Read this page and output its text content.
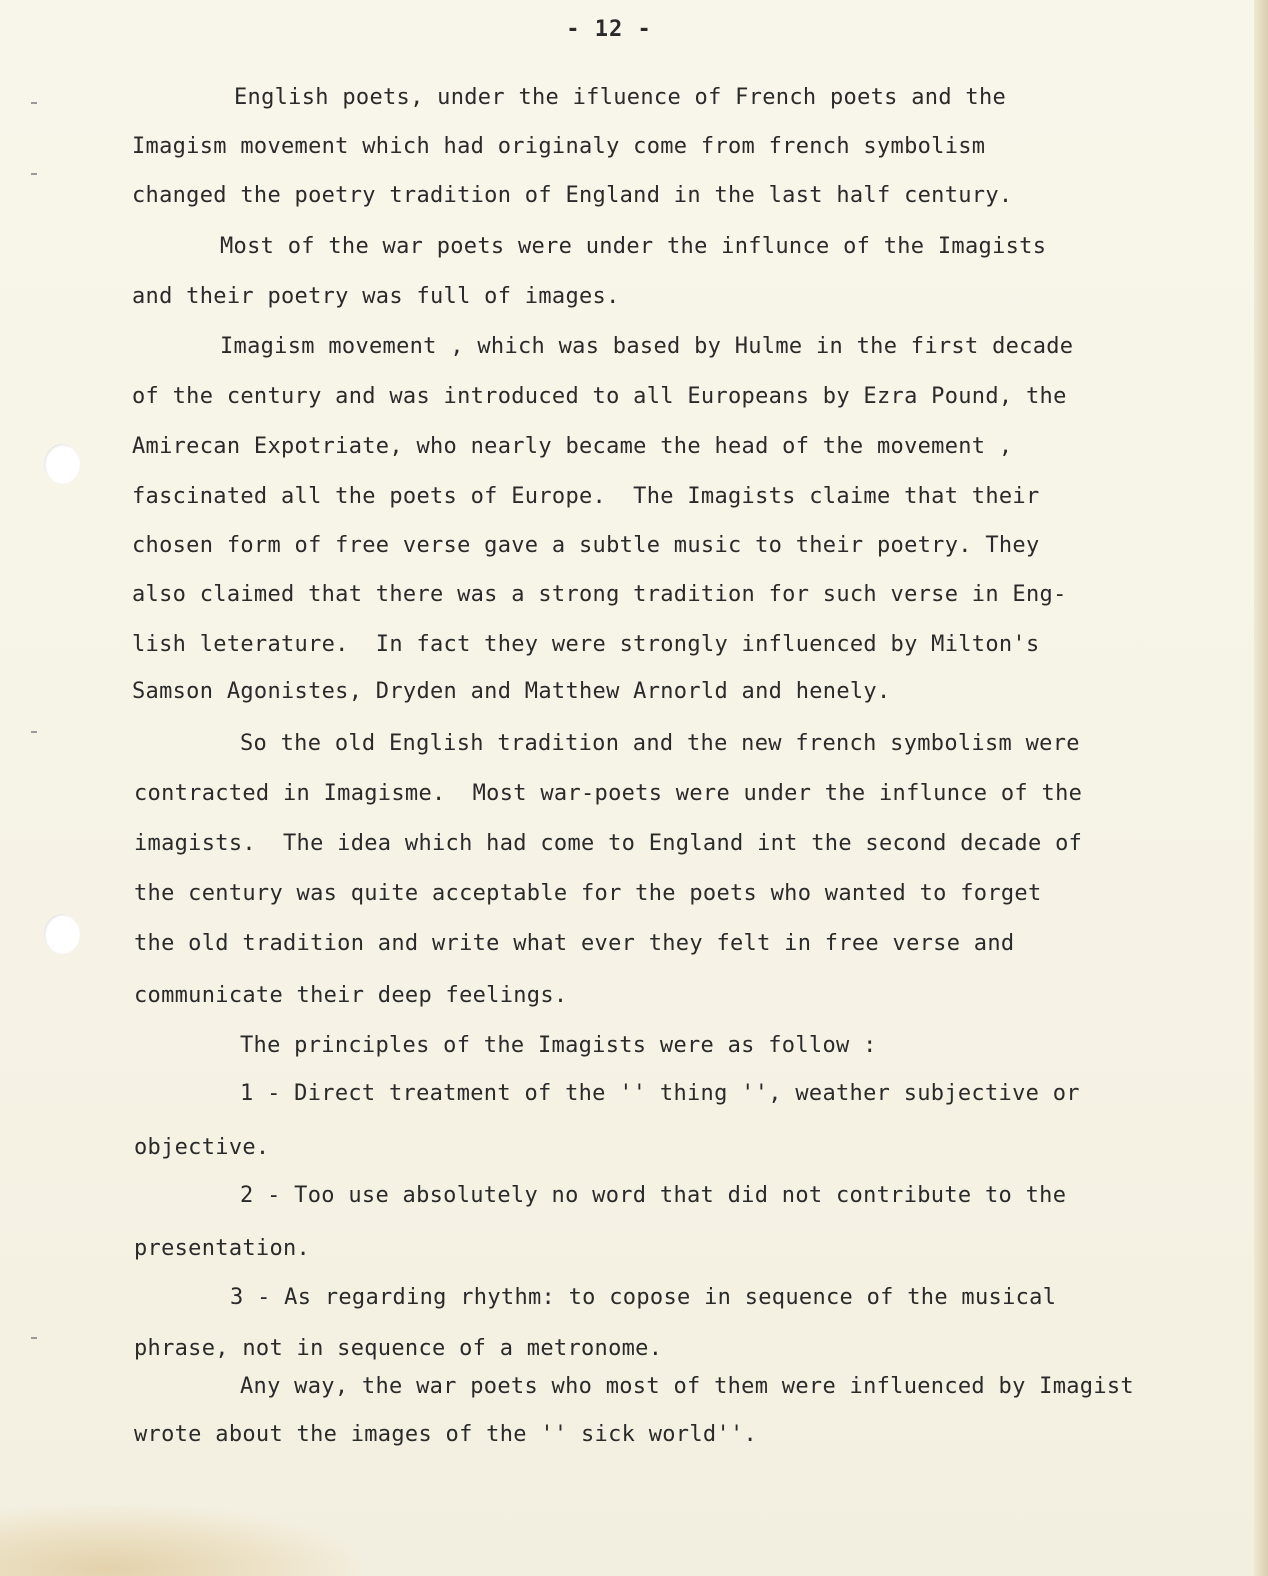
- 12 -
English poets, under the ifluence of French poets and the
Imagism movement which had originaly come from french symbolism
changed the poetry tradition of England in the last half century.
Most of the war poets were under the influnce of the Imagists
and their poetry was full of images.
Imagism movement , which was based by Hulme in the first decade
of the century and was introduced to all Europeans by Ezra Pound, the
Amirecan Expotriate, who nearly became the head of the movement ,
fascinated all the poets of Europe.  The Imagists claime that their
chosen form of free verse gave a subtle music to their poetry. They
also claimed that there was a strong tradition for such verse in Eng-
lish leterature.  In fact they were strongly influenced by Milton's
Samson Agonistes, Dryden and Matthew Arnorld and henely.
So the old English tradition and the new french symbolism were
contracted in Imagisme.  Most war-poets were under the influnce of the
imagists.  The idea which had come to England int the second decade of
the century was quite acceptable for the poets who wanted to forget
the old tradition and write what ever they felt in free verse and
communicate their deep feelings.
The principles of the Imagists were as follow :
1 - Direct treatment of the '' thing '', weather subjective or
objective.
2 - Too use absolutely no word that did not contribute to the
presentation.
3 - As regarding rhythm: to copose in sequence of the musical
phrase, not in sequence of a metronome.
Any way, the war poets who most of them were influenced by Imagist
wrote about the images of the '' sick world''.
